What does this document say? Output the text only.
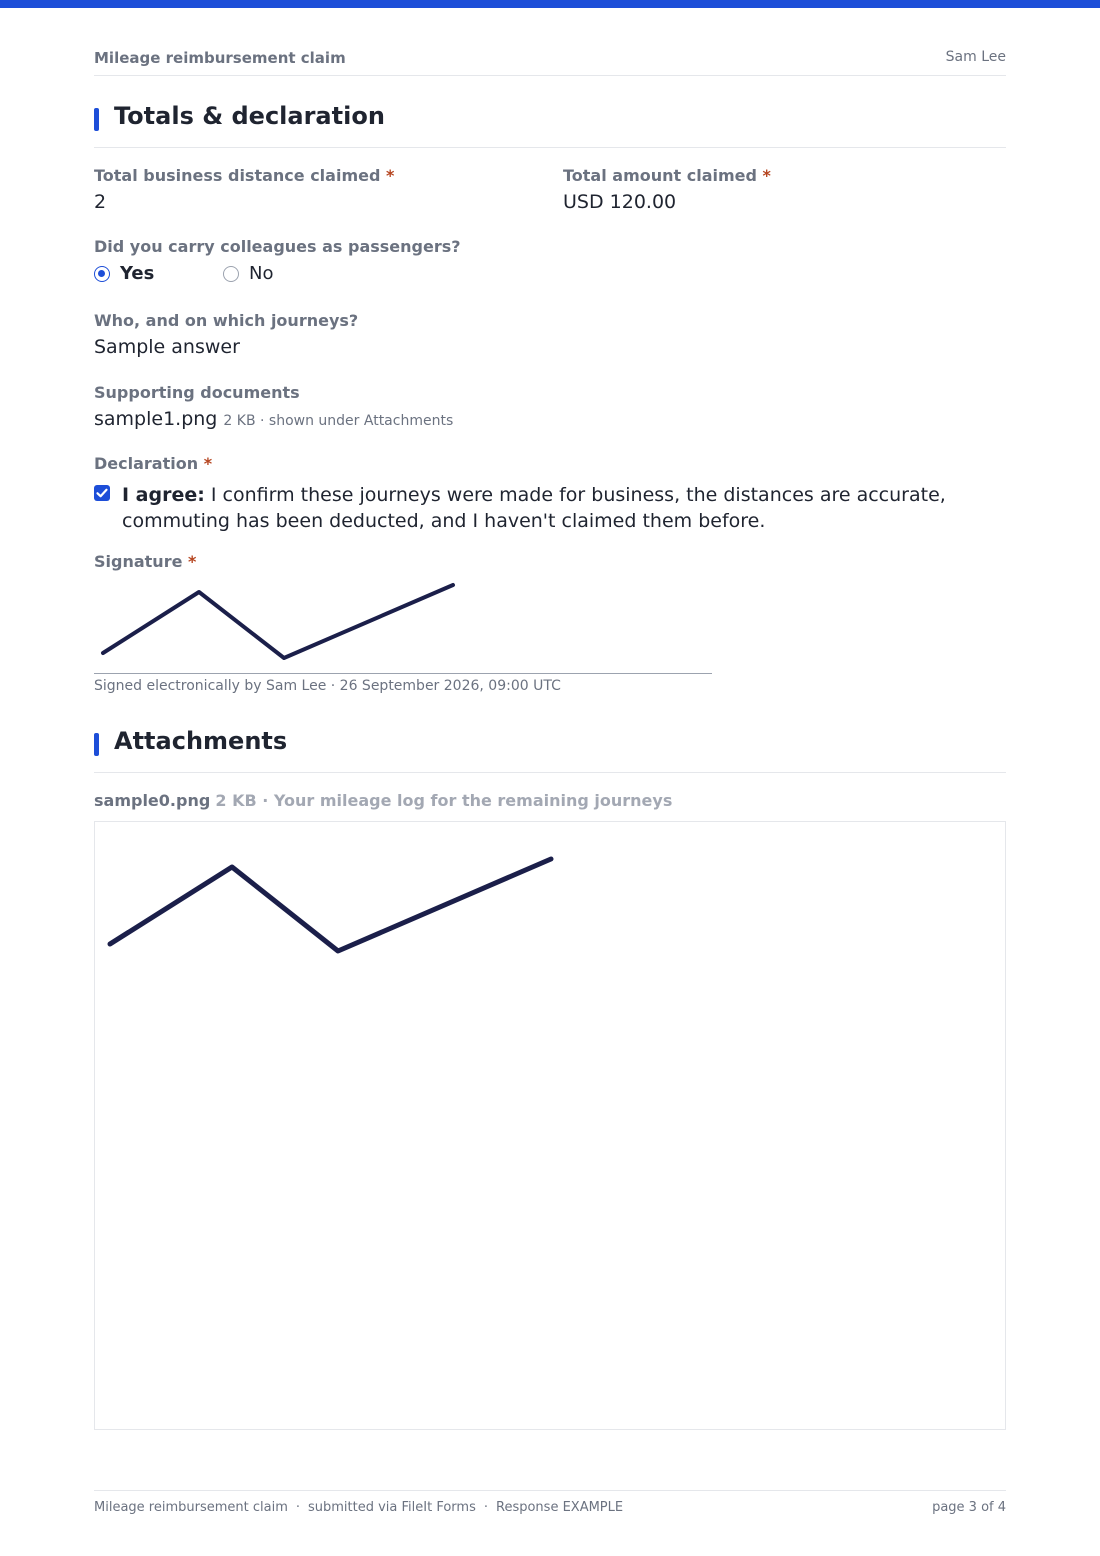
Mileage reimbursement claim	Sam Lee
Totals & declaration
Total business distance claimed *
2
Total amount claimed *
USD 120.00
Did you carry colleagues as passengers?
Yes	No
Who, and on which journeys?
Sample answer
Supporting documents
sample1.png 2 KB · shown under Attachments
Declaration *
I agree: I confirm these journeys were made for business, the distances are accurate, commuting has been deducted, and I haven't claimed them before.
Signature *
Signed electronically by Sam Lee · 26 September 2026, 09:00 UTC
Attachments
sample0.png 2 KB · Your mileage log for the remaining journeys
Mileage reimbursement claim · submitted via FileIt Forms · Response EXAMPLE	page 3 of 4
